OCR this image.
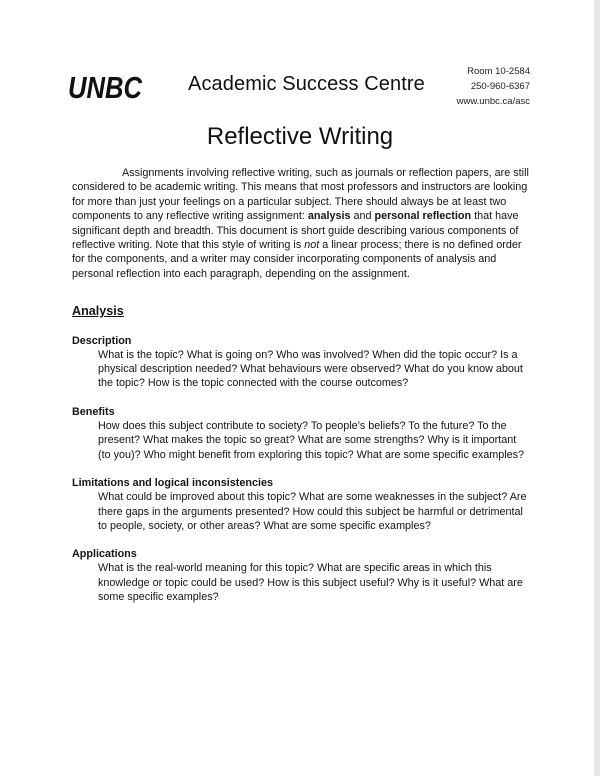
UNBC Academic Success Centre
Room 10-2584
250-960-6367
www.unbc.ca/asc
Reflective Writing

Assignments involving reflective writing, such as journals or reflection papers, are still
considered to be academic writing. This means that most professors and instructors are looking
for more than just your feelings on a particular subject. There should always be at least two
components to any reflective writing assignment: analysis and personal reflection that have
significant depth and breadth. This document is short guide describing various components of
reflective writing. Note that this style of writing is not a linear process; there is no defined order
for the components, and a writer may consider incorporating components of analysis and
personal reflection into each paragraph, depending on the assignment.

Analysis
Description
What is the topic? What is going on? Who was involved? When did the topic occur? Is a
physical description needed? What behaviours were observed? What do you know about
the topic? How is the topic connected with the course outcomes?
Benefits
How does this subject contribute to society? To people’s beliefs? To the future? To the
present? What makes the topic so great? What are some strengths? Why is it important
(to you)? Who might benefit from exploring this topic? What are some specific examples?
Limitations and logical inconsistencies
What could be improved about this topic? What are some weaknesses in the subject? Are
there gaps in the arguments presented? How could this subject be harmful or detrimental
to people, society, or other areas? What are some specific examples?
Applications
What is the real-world meaning for this topic? What are specific areas in which this
knowledge or topic could be used? How is this subject useful? Why is it useful? What are
some specific examples?
